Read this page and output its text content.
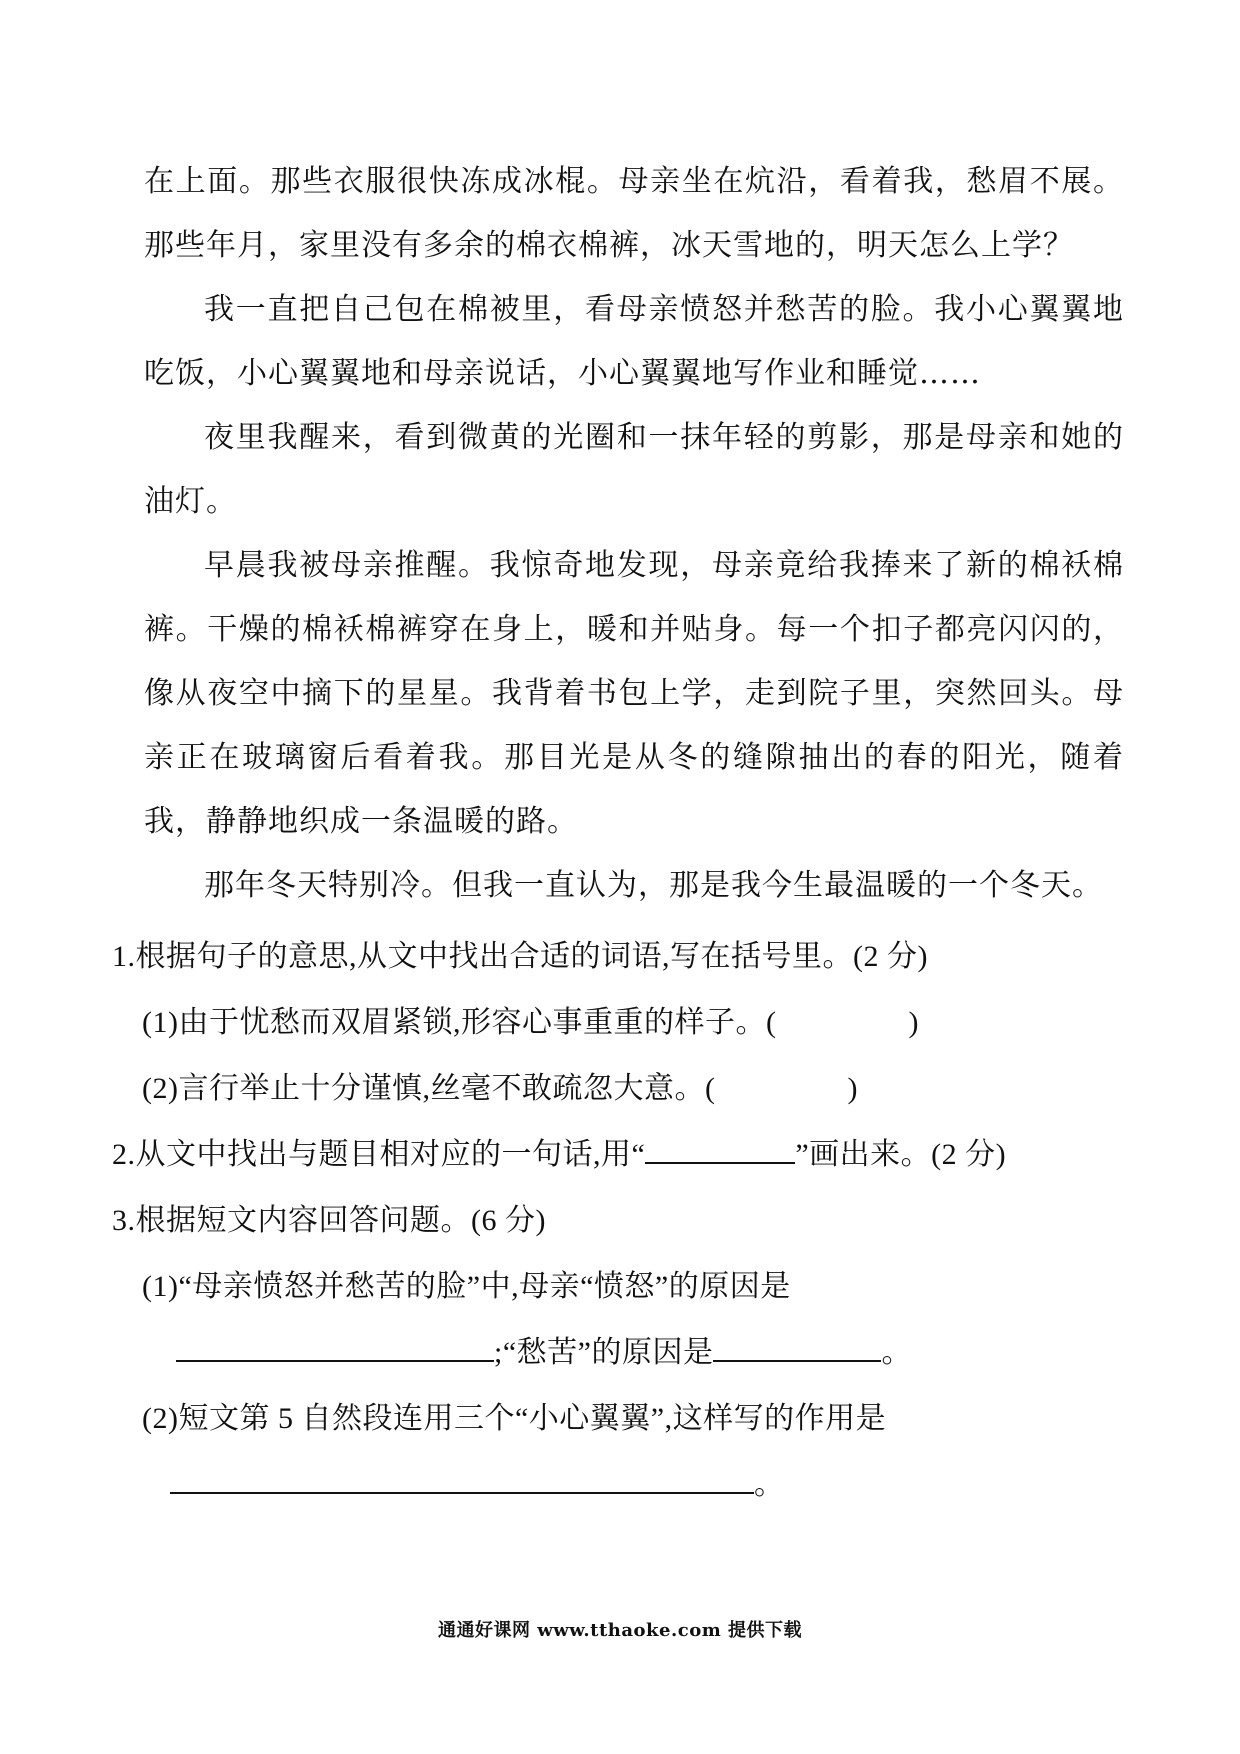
在上面。那些衣服很快冻成冰棍。母亲坐在炕沿，看着我，愁眉不展。那些年月，家里没有多余的棉衣棉裤，冰天雪地的，明天怎么上学？

我一直把自己包在棉被里，看母亲愤怒并愁苦的脸。我小心翼翼地吃饭，小心翼翼地和母亲说话，小心翼翼地写作业和睡觉……

夜里我醒来，看到微黄的光圈和一抹年轻的剪影，那是母亲和她的油灯。

早晨我被母亲推醒。我惊奇地发现，母亲竟给我捧来了新的棉袄棉裤。干燥的棉袄棉裤穿在身上，暖和并贴身。每一个扣子都亮闪闪的，像从夜空中摘下的星星。我背着书包上学，走到院子里，突然回头。母亲正在玻璃窗后看着我。那目光是从冬的缝隙抽出的春的阳光，随着我，静静地织成一条温暖的路。

那年冬天特别冷。但我一直认为，那是我今生最温暖的一个冬天。

1.根据句子的意思,从文中找出合适的词语,写在括号里。(2 分)

(1)由于忧愁而双眉紧锁,形容心事重重的样子。(	)

(2)言行举止十分谨慎,丝毫不敢疏忽大意。(	)

2.从文中找出与题目相对应的一句话,用“	”画出来。(2 分)

3.根据短文内容回答问题。(6 分)

(1)“母亲愤怒并愁苦的脸”中,母亲“愤怒”的原因是

;“愁苦”的原因是	。

(2)短文第 5 自然段连用三个“小心翼翼”,这样写的作用是

。

通通好课网 www.tthaoke.com 提供下载
